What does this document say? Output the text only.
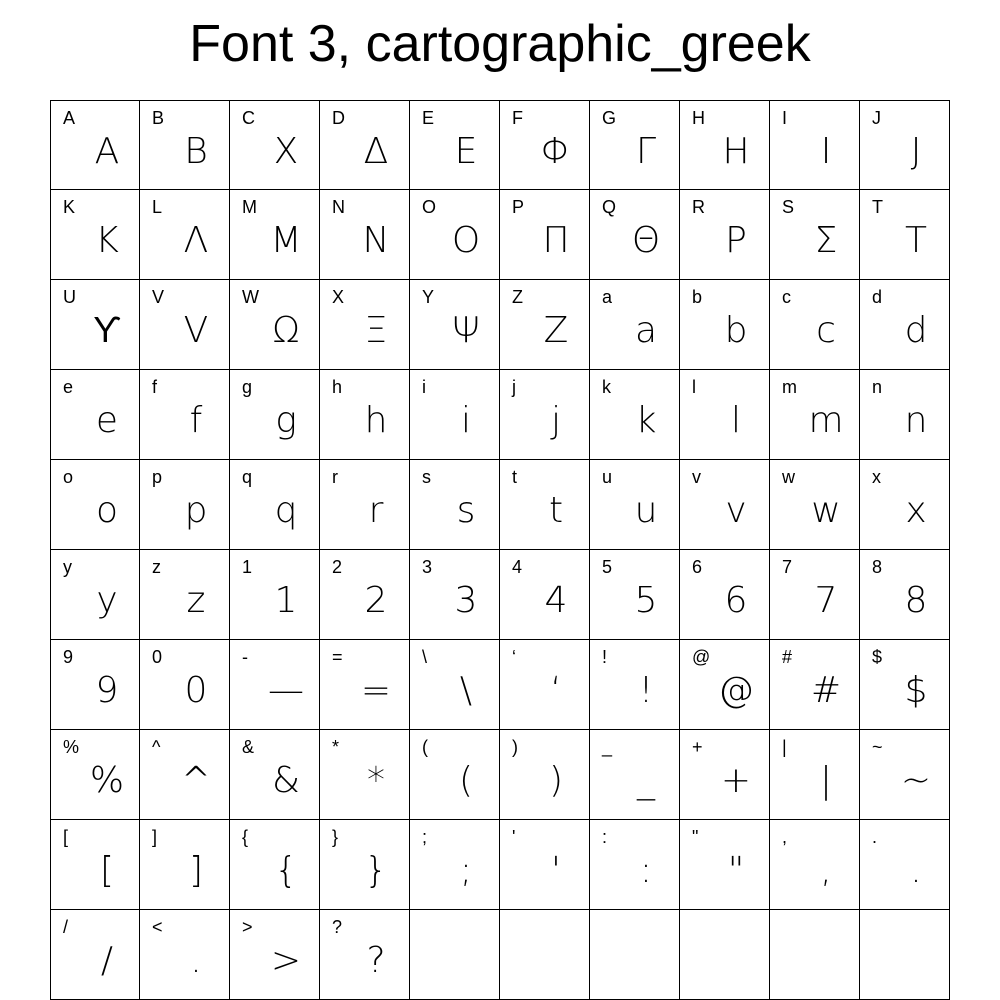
Font 3, cartographic_greek
A
Α
B
Β
C
Χ
D
Δ
E
Ε
F
Φ
G
Γ
H
Η
I
Ι
J
J
K
Κ
L
Λ
M
Μ
N
Ν
O
Ο
P
Π
Q
Θ
R
Ρ
S
Σ
T
Τ
U
ϒ
V
V
W
Ω
X
Ξ
Y
Ψ
Z
Ζ
a
a
b
b
c
c
d
d
e
e
f
f
g
g
h
h
i
i
j
j
k
k
l
l
m
m
n
n
o
o
p
p
q
q
r
r
s
s
t
t
u
u
v
v
w
w
x
x
y
y
z
z
1
1
2
2
3
3
4
4
5
5
6
6
7
7
8
8
9
9
0
0
-
—
=
=
\
\
‘
‘
!
!
@
@
#
#
$
$
%
%
^
^
&
&
*
*
(
(
)
)
_
_
+
+
|
|
~
~
[
[
]
]
{
{
}
}
;
;
'
'
:
:
"
"
,
,
.
.
/
/
<
.
>
>
?
?
